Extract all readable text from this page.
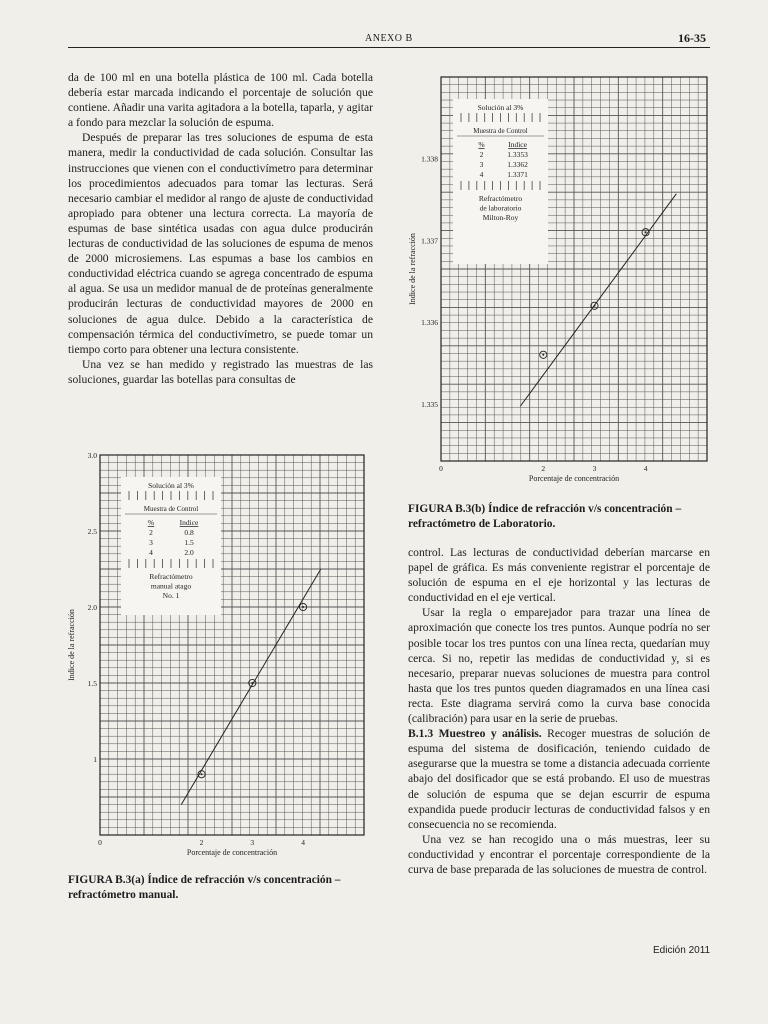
ANEXO B	16-35

da de 100 ml en una botella plástica de 100 ml. Cada botella debería estar marcada indicando el porcentaje de solución que contiene. Añadir una varita agitadora a la botella, taparla, y agitar a fondo para mezclar la solución de espuma.

Después de preparar las tres soluciones de espuma de esta manera, medir la conductividad de cada solución. Consultar las instrucciones que vienen con el conductivímetro para determinar los procedimientos adecuados para tomar las lecturas. Será necesario cambiar el medidor al rango de ajuste de conductividad apropiado para obtener una lectura correcta. La mayoría de espumas de base sintética usadas con agua dulce producirán lecturas de conductividad de las soluciones de espuma de menos de 2000 microsiemens. Las espumas a base los cambios en conductividad eléctrica cuando se agrega concentrado de espuma al agua. Se usa un medidor manual de de proteínas generalmente producirán lecturas de conductividad mayores de 2000 en soluciones de agua dulce. Debido a la característica de compensación térmica del conductivímetro, se puede tomar un tiempo corto para obtener una lectura consistente.

Una vez se han medido y registrado las muestras de las soluciones, guardar las botellas para consultas de

Solución al 3%
Muestra de Control
%	Indice
2	0.8
3	1.5
4	2.0
Refractómetro
manual atago
No. 1
0	2	3	4
1
1.5
2.0
2.5
3.0
Porcentaje de concentración
Indice de la refracción
FIGURA B.3(a) Índice de refracción v/s concentración – refractómetro manual.
Solución al 3%
Muestra de Control
%	Indice
2	1.3353
3	1.3362
4	1.3371
Refractómetro
de laboratorio
Milton-Roy
0	2	3	4
1.335
1.336
1.337
1.338
Porcentaje de concentración
Indice de la refracción
FIGURA B.3(b) Índice de refracción v/s concentración – refractómetro de Laboratorio.

control. Las lecturas de conductividad deberían marcarse en papel de gráfica. Es más conveniente registrar el porcentaje de solución de espuma en el eje horizontal y las lecturas de conductividad en el eje vertical.

Usar la regla o emparejador para trazar una línea de aproximación que conecte los tres puntos. Aunque podría no ser posible tocar los tres puntos con una línea recta, quedarían muy cerca. Si no, repetir las medidas de conductividad y, si es necesario, preparar nuevas soluciones de muestra para control hasta que los tres puntos queden diagramados en una línea casi recta. Este diagrama servirá como la curva base conocida (calibración) para usar en la serie de pruebas.

B.1.3 Muestreo y análisis. Recoger muestras de solución de espuma del sistema de dosificación, teniendo cuidado de asegurarse que la muestra se tome a distancia adecuada corriente abajo del dosificador que se está probando. El uso de muestras de solución de espuma que se dejan escurrir de espuma expandida puede producir lecturas de conductividad falsos y en consecuencia no se recomienda.

Una vez se han recogido una o más muestras, leer su conductividad y encontrar el porcentaje correspondiente de la curva de base preparada de las soluciones de muestra de control.

Edición 2011
